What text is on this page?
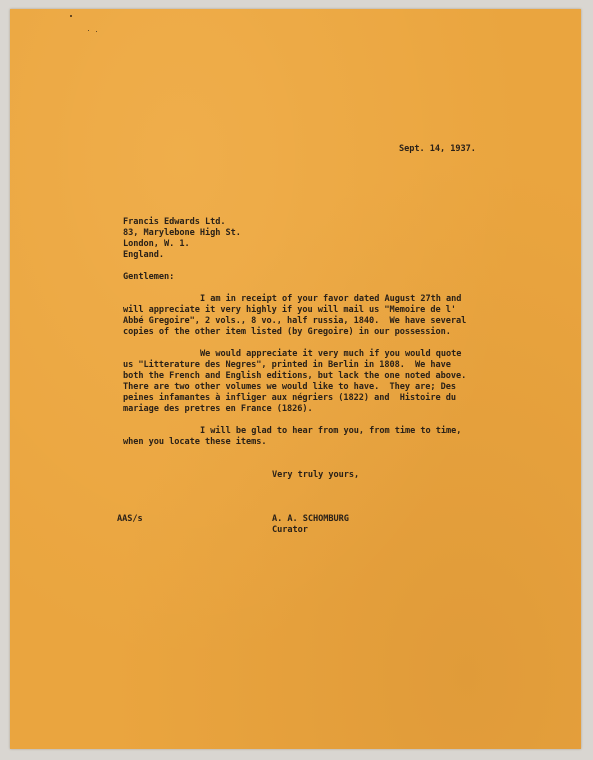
Sept. 14, 1937.

Francis Edwards Ltd.

83, Marylebone High St.

London, W. 1.

England.

Gentlemen:

I am in receipt of your favor dated August 27th and

will appreciate it very highly if you will mail us "Memoire de l'

Abbé Gregoire", 2 vols., 8 vo., half russia, 1840.  We have several

copies of the other item listed (by Gregoire) in our possession.

We would appreciate it very much if you would quote

us "Litterature des Negres", printed in Berlin in 1808.  We have

both the French and English editions, but lack the one noted above.

There are two other volumes we would like to have.  They are; Des

peines infamantes à infliger aux négriers (1822) and  Histoire du

mariage des pretres en France (1826).

I will be glad to hear from you, from time to time,

when you locate these items.

Very truly yours,

AAS/s	A. A. SCHOMBURG

Curator
